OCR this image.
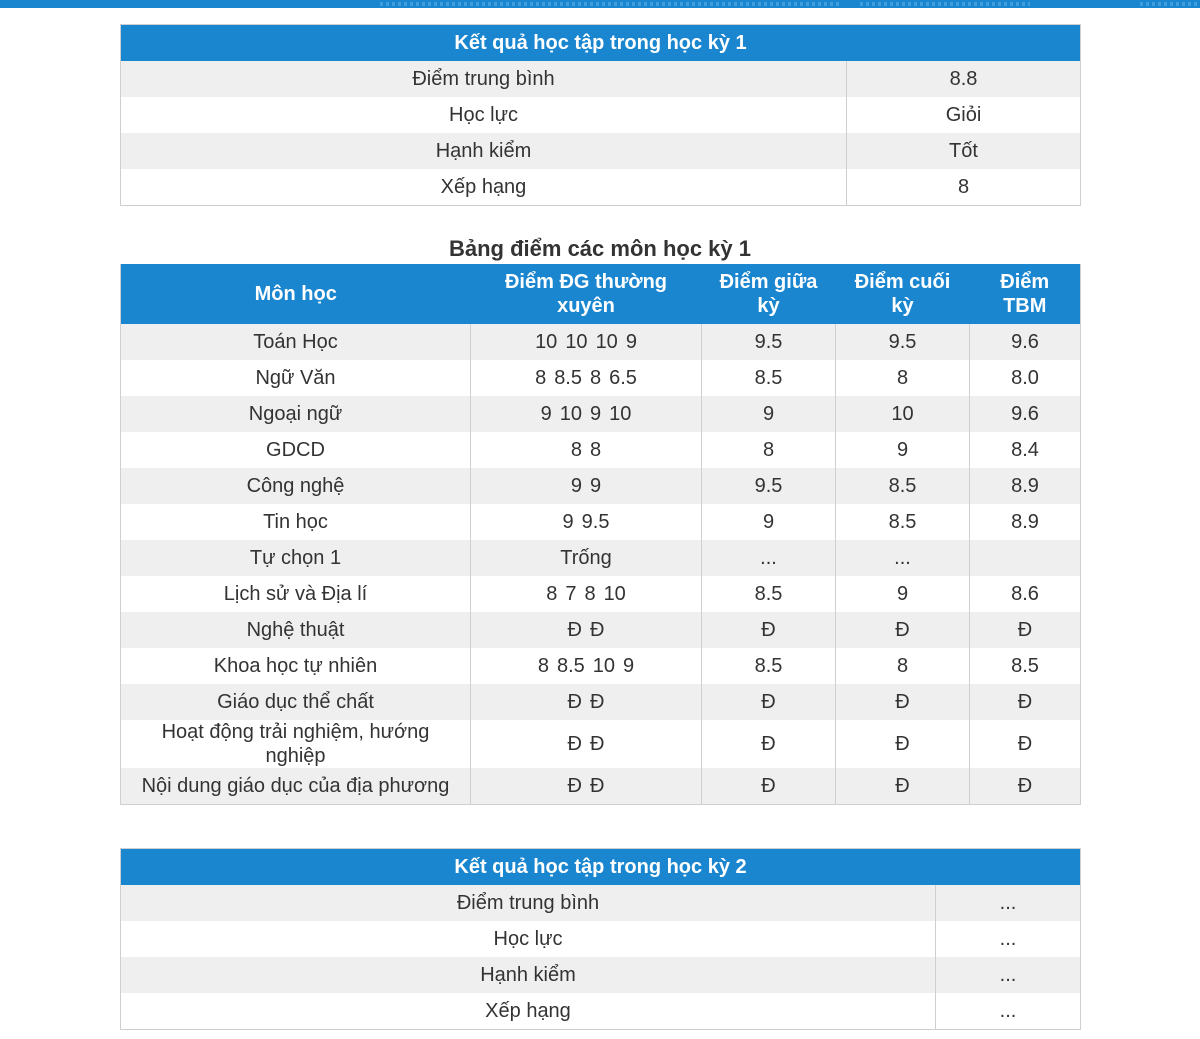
Kết quả học tập trong học kỳ 1	
Điểm trung bình	8.8
Học lực	Giỏi
Hạnh kiểm	Tốt
Xếp hạng	8
Bảng điểm các môn học kỳ 1
Môn học	Điểm ĐG thường xuyên	Điểm giữa kỳ	Điểm cuối kỳ	Điểm TBM
Toán Học	10 10 10 9	9.5	9.5	9.6
Ngữ Văn	8 8.5 8 6.5	8.5	8	8.0
Ngoại ngữ	9 10 9 10	9	10	9.6
GDCD	8 8	8	9	8.4
Công nghệ	9 9	9.5	8.5	8.9
Tin học	9 9.5	9	8.5	8.9
Tự chọn 1	Trống	...	...	
Lịch sử và Địa lí	8 7 8 10	8.5	9	8.6
Nghệ thuật	Đ Đ	Đ	Đ	Đ
Khoa học tự nhiên	8 8.5 10 9	8.5	8	8.5
Giáo dục thể chất	Đ Đ	Đ	Đ	Đ
Hoạt động trải nghiệm, hướng nghiệp	Đ Đ	Đ	Đ	Đ
Nội dung giáo dục của địa phương	Đ Đ	Đ	Đ	Đ
Kết quả học tập trong học kỳ 2	
Điểm trung bình	...
Học lực	...
Hạnh kiểm	...
Xếp hạng	...
